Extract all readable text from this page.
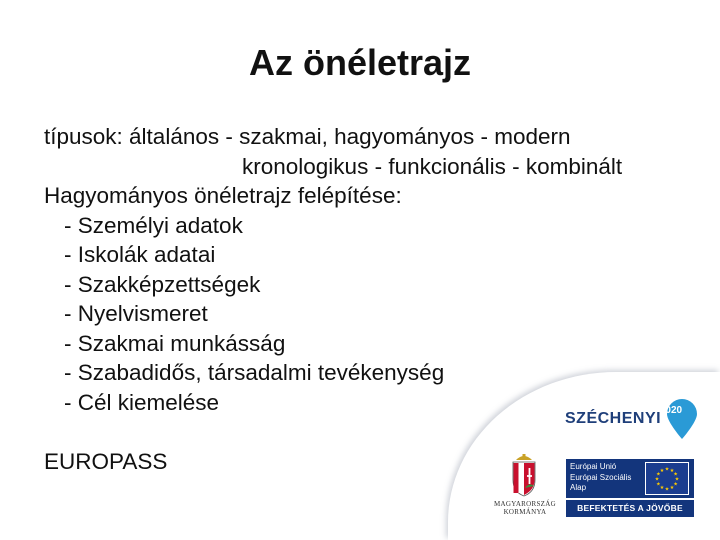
Az önéletrajz
típusok: általános - szakmai, hagyományos - modern
kronologikus - funkcionális - kombinált
Hagyományos önéletrajz felépítése:
- Személyi adatok
- Iskolák adatai
- Szakképzettségek
- Nyelvismeret
- Szakmai munkásság
- Szabadidős, társadalmi tevékenység
- Cél kiemelése
EUROPASS
SZÉCHENYI
2020
MAGYARORSZÁG
KORMÁNYA
Európai Unió
Európai Szociális
Alap
★ ★
★
★
★
★
★
★
★
★
★
★
BEFEKTETÉS A JÖVŐBE
